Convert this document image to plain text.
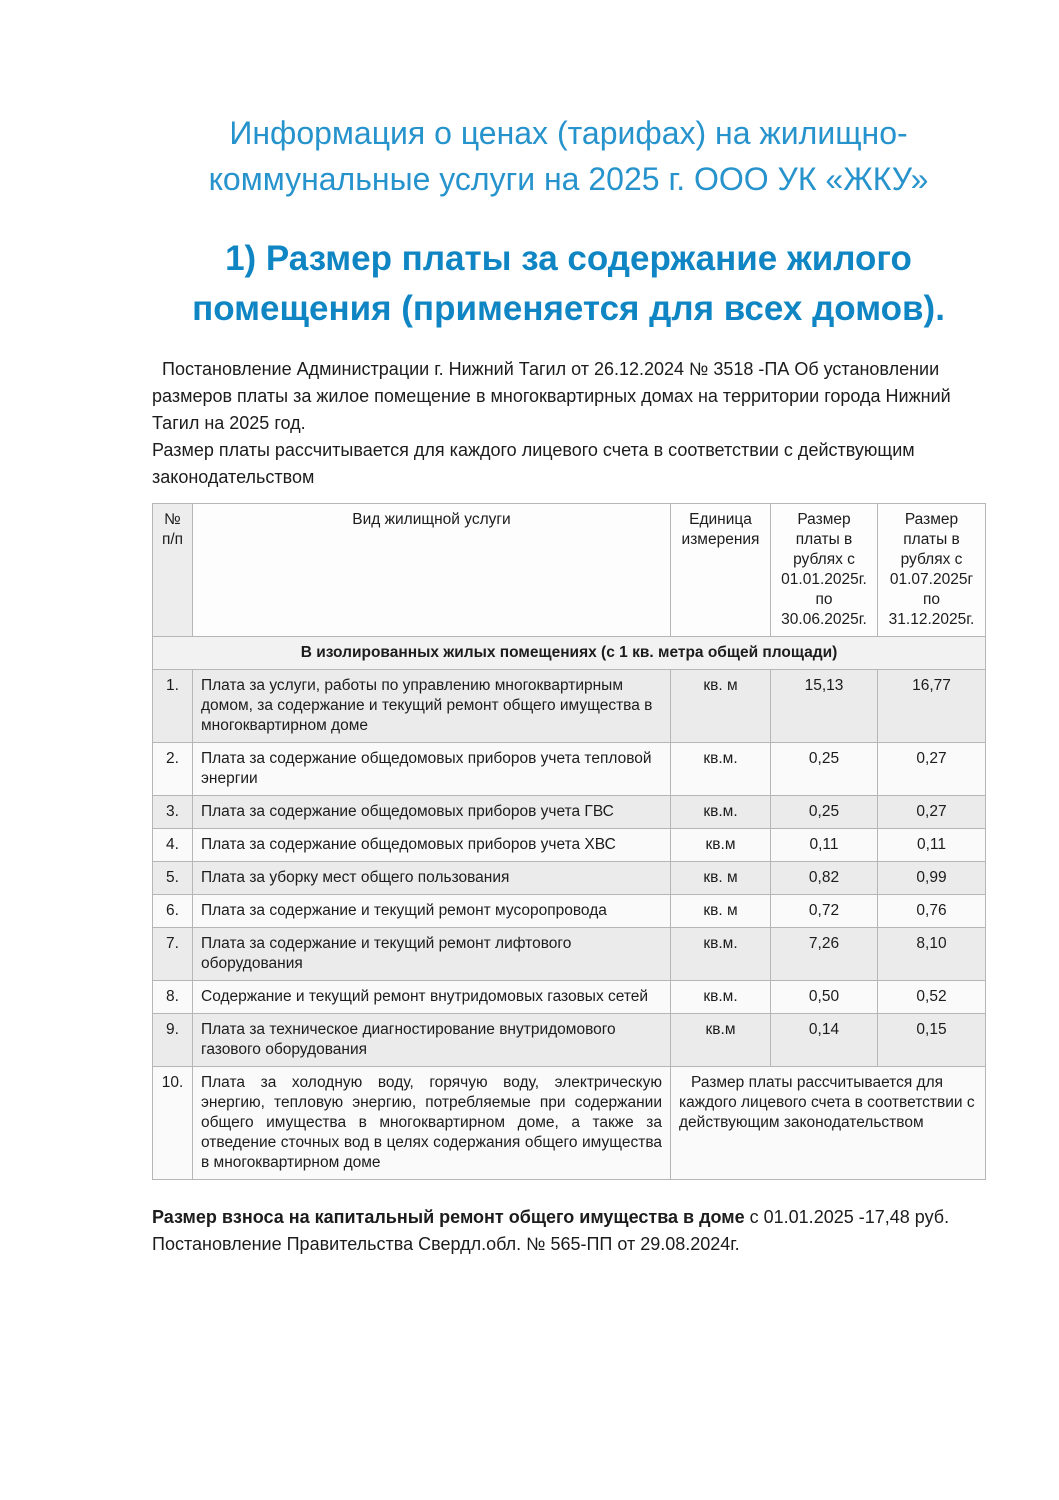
Информация о ценах (тарифах) на жилищно-
коммунальные услуги на 2025 г. ООО УК «ЖКУ»
1) Размер платы за содержание жилого
помещения (применяется для всех домов).

Постановление Администрации г. Нижний Тагил от 26.12.2024 № 3518 -ПА Об установлении размеров платы за жилое помещение в многоквартирных домах на территории города Нижний Тагил на 2025 год.

Размер платы рассчитывается для каждого лицевого счета в соответствии с действующим законодательством

№ п/п	Вид жилищной услуги	Единица измерения	Размер платы в рублях с 01.01.2025г. по 30.06.2025г.	Размер платы в рублях с 01.07.2025г по 31.12.2025г.
В изолированных жилых помещениях (с 1 кв. метра общей площади)				
1.	Плата за услуги, работы по управлению многоквартирным домом, за содержание и текущий ремонт общего имущества в многоквартирном доме	кв. м	15,13	16,77
2.	Плата за содержание общедомовых приборов учета тепловой энергии	кв.м.	0,25	0,27
3.	Плата за содержание общедомовых приборов учета ГВС	кв.м.	0,25	0,27
4.	Плата за содержание общедомовых приборов учета ХВС	кв.м	0,11	0,11
5.	Плата за уборку мест общего пользования	кв. м	0,82	0,99
6.	Плата за содержание и текущий ремонт мусоропровода	кв. м	0,72	0,76
7.	Плата за содержание и текущий ремонт лифтового оборудования	кв.м.	7,26	8,10
8.	Содержание и текущий ремонт внутридомовых газовых сетей	кв.м.	0,50	0,52
9.	Плата за техническое диагностирование внутридомового газового оборудования	кв.м	0,14	0,15
10.	Плата за холодную воду, горячую воду, электрическую энергию, тепловую энергию, потребляемые при содержании общего имущества в многоквартирном доме, а также за отведение сточных вод в целях содержания общего имущества в многоквартирном доме	Размер платы рассчитывается для каждого лицевого счета в соответствии с действующим законодательством		

Размер взноса на капитальный ремонт общего имущества в доме с 01.01.2025 -17,48 руб.

Постановление Правительства Свердл.обл. № 565-ПП от 29.08.2024г.
